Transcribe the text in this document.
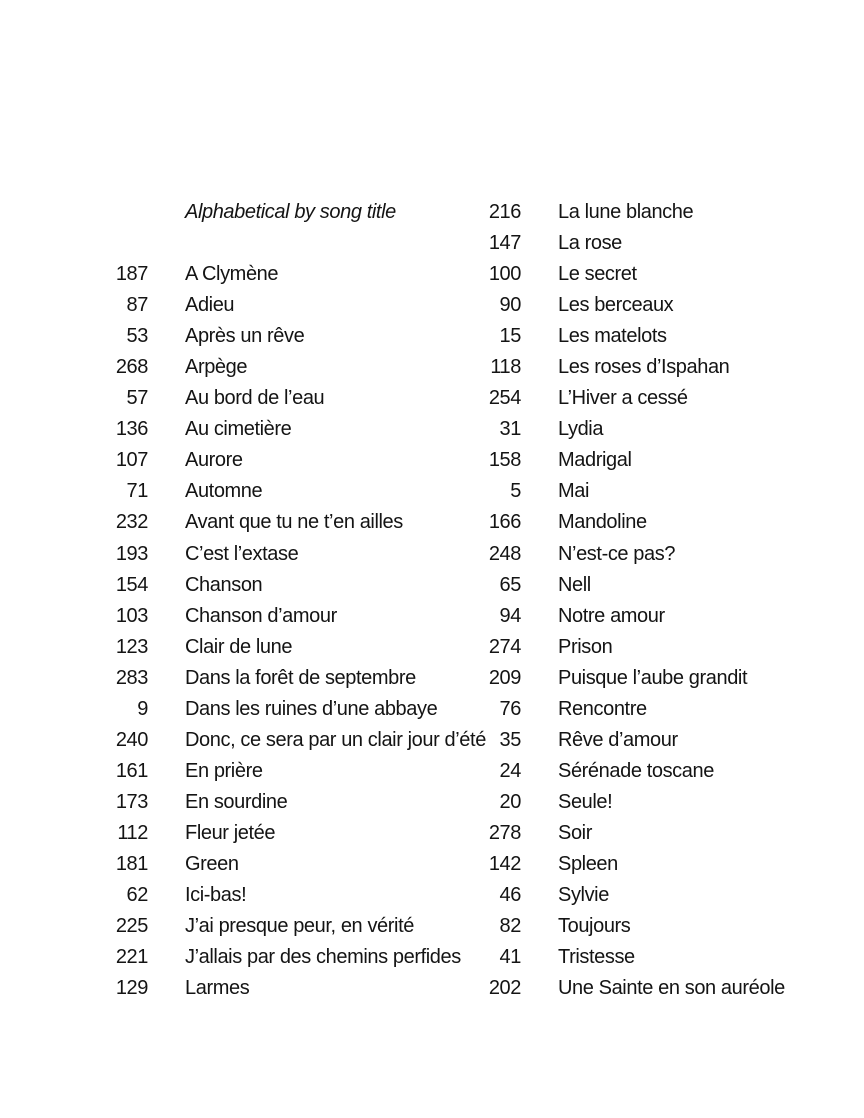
Alphabetical by song title
187 A Clymène
87 Adieu
53 Après un rêve
268 Arpège
57 Au bord de l’eau
136 Au cimetière
107 Aurore
71 Automne
232 Avant que tu ne t’en ailles
193 C’est l’extase
154 Chanson
103 Chanson d’amour
123 Clair de lune
283 Dans la forêt de septembre
9 Dans les ruines d’une abbaye
240 Donc, ce sera par un clair jour d’été
161 En prière
173 En sourdine
112 Fleur jetée
181 Green
62 Ici-bas!
225 J’ai presque peur, en vérité
221 J’allais par des chemins perfides
129 Larmes
216 La lune blanche
147 La rose
100 Le secret
90 Les berceaux
15 Les matelots
118 Les roses d’Ispahan
254 L’Hiver a cessé
31 Lydia
158 Madrigal
5 Mai
166 Mandoline
248 N’est-ce pas?
65 Nell
94 Notre amour
274 Prison
209 Puisque l’aube grandit
76 Rencontre
35 Rêve d’amour
24 Sérénade toscane
20 Seule!
278 Soir
142 Spleen
46 Sylvie
82 Toujours
41 Tristesse
202 Une Sainte en son auréole
